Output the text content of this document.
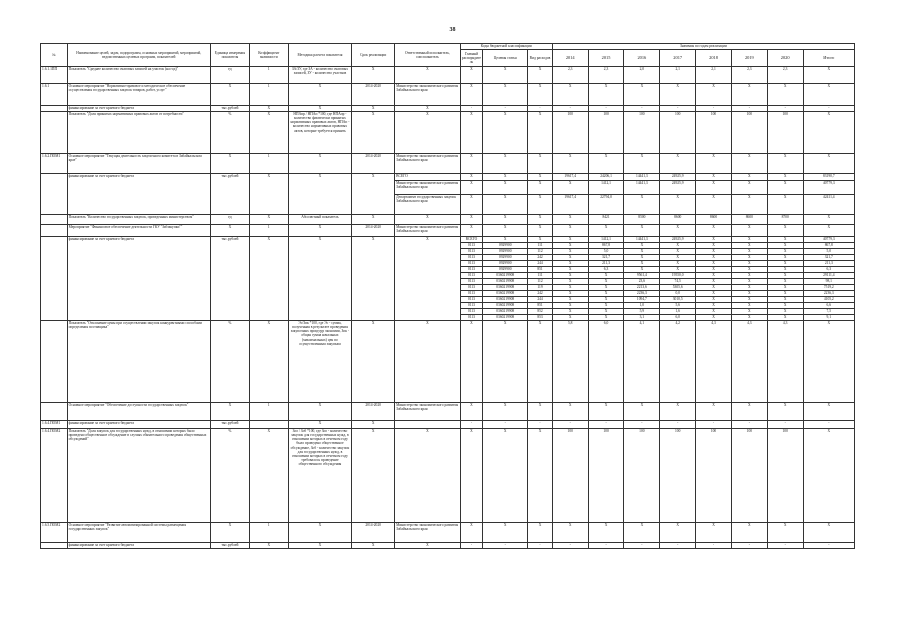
38
№	Наименование целей, задач, подпрограмм, основных мероприятий, мероприятий, ведомственных целевых программ, показателей	Единица измерения показателя	Коэффициент значимости	Методика расчета показателя	Срок реализации	Ответственный исполнитель, соисполнитель	Коды бюджетной классификации			Значения по годам реализации							
							Главный распорядитель	Целевая статья	Вид расходов	2014	2015	2016	2017	2018	2019	2020	Итого
1.6.1.1ПП	Показатель "Среднее количество очаговых записей на участок (на год)"	ед	1	ЗА/ЗУ, где ЗА - количество очаговых записей, ЗУ - количество участков	X	X	X	X	X	2,3	2,3	2,0	2,1	2,1	2,3	2,3	X
1.6.1	Основное мероприятие "Нормативно-правовое и методическое обеспечение осуществления государственных закупок товаров, работ, услуг"	X	1	X	2014-2020	Министерство экономического развития Забайкальского края	X	X	X	X	X	X	X	X	X	X	X
	финансирование за счет краевого бюджета	тыс.рублей	X	X	X	X	-	-	-	-	-	-	-	-	-	-	-
	Показатель "Доля принятых нормативных правовых актов от потребности"	%	X	НПАпр / НПАп *100, где НПАпр - количество фактически принятых нормативных правовых актов, НПАп - количество нормативных правовых актов, которые требуется принять	X	X	X	X	X	100	100	100	100	100	100	100	X
1.6.2.ПОМ1	Основное мероприятие "Текущая деятельность закупочного комитета в Забайкальском крае"	X	1	X	2014-2020	Министерство экономического развития Забайкальского края	X	X	X	X	X	X	X	X	X	X	X
	финансирование за счет краевого бюджета	тыс.рублей	X	X	X	ВСЕГО	X	X	X	19617,4	24206,1	14441,3	24925,9	X	X	X	83190,7
						Министерство экономического развития Забайкальского края	X	X	X	X	1412,1	14441,3	24925,9	X	X	X	40779,3
						Департамент государственных закупок Забайкальского края	X	X	X	19617,4	22794,0	X	X	X	X	X	42411,4
	Показатель "Количество государственных закупок, проведенных министерством"	ед	X	Абсолютный показатель	X	X	X	X	X	X	8421	8500	8600	8600	8600	8700	X
	Мероприятие "Финансовое обеспечение деятельности ГКУ "Забзакупки""	X	1	X	2014-2020	Министерство экономического развития Забайкальского края	X	X	X	X	X	X	X	X	X	X	X
	финансирование за счет краевого бюджета	тыс.рублей	X	X	X	X	ВСЕГО	X	X	X	1412,1	14441,3	24925,9	X	X	X	40779,3
							0113	0929900	111	X	867,8	X	X	X	X	X	867,8
							0113	0929900	112	X	5,0	X	X	X	X	X	5,0
							0113	0929900	242	X	321,7	X	X	X	X	X	321,7
							0113	0929900	244	X	211,3	X	X	X	X	X	211,3
							0113	0929900	851	X	6,3	X	X	X	X	X	6,3
							0113	0360219908	111	X	X	9561,4	19550,0	X	X	X	29111,4
							0113	0360219908	112	X	X	23,6	74,5	X	X	X	98,1
							0113	0360219908	119	X	X	2213,6	5305,6	X	X	X	7519,2
							0113	0360219908	242	X	X	2236,3	0,0	X	X	X	2236,3
							0113	0360219908	244	X	X	1094,7	3010,5	X	X	X	4105,2
							0113	0360219908	851	X	X	1,0	5,6	X	X	X	6,6
							0113	0360219908	852	X	X	5,9	1,6	X	X	X	7,5
							0113	0360219908	853	X	X	3,1	6,0	X	X	X	9,1
	Показатель "Отклонение цены при осуществлении закупок конкурентными способами определения поставщика"	%	X	Эс/Зпк *100, где Эс - сумма, полученная в результате проведения закупочных процедур экономии, Зпк - общая сумма начальных (максимальных) цен по осуществленным закупкам	X	X	X	X	X	5,8	6,0	4,1	4,2	4,3	4,3	4,3	X
	Основное мероприятие "Обеспечение доступности государственных закупок"	X	1	X	2014-2020	Министерство экономического развития Забайкальского края	X	X	X	X	X	X	X	X	X	X	X
1.6.4.ПОМ1	финансирование за счет краевого бюджета	тыс.рублей		X	X		-	-	-	-	-	-	-	-	-	-	-
1.6.4.ПОМ2	Показатель "Доля закупок для государственных нужд, в отношении которых было проведено общественное обсуждение в случаях обязательного проведения общественных обсуждений"	%	X	Зоо / Зоб *100, где Зоо - количество закупок для государственных нужд, в отношении которых в отчетном году было проведено общественное обсуждение, Зоб - количество закупок для государственных нужд, в отношении которых в отчетном году требовалось проведение общественного обсуждения	X	X	X	X	X	100	100	100	100	100	100	100	X
1.6.5.ПОМ2	Основное мероприятие "Развитие автоматизированной системы размещения государственных закупок"	X	1	X	2014-2020	Министерство экономического развития Забайкальского края	X	X	X	X	X	X	X	X	X	X	X
	финансирование за счет краевого бюджета	тыс.рублей	X	X	X	X	-	-	-	-	-	-	-	-	-	-	-
